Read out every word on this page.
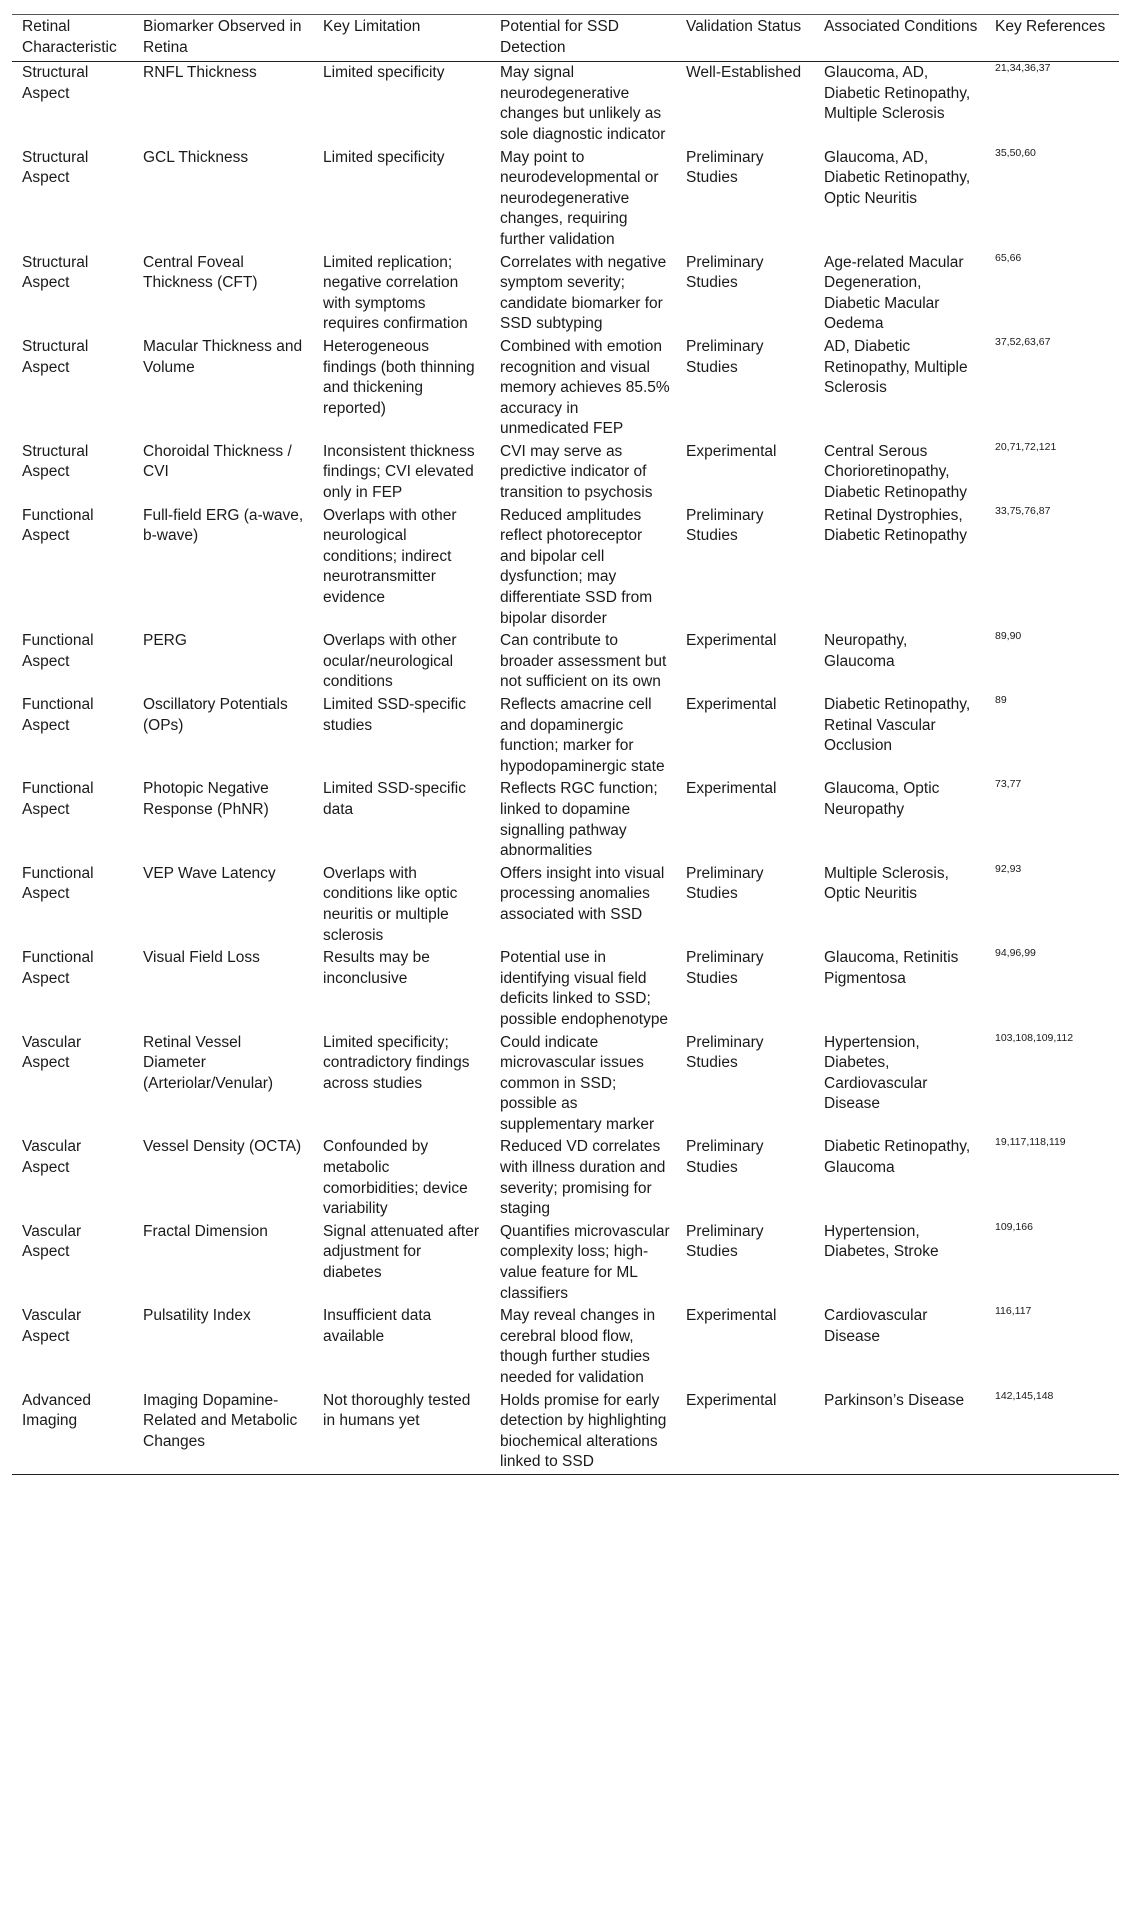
Retinal Characteristic	Biomarker Observed in Retina	Key Limitation	Potential for SSD Detection	Validation Status	Associated Conditions	Key References
Structural Aspect	RNFL Thickness	Limited specificity	May signal neurodegenerative changes but unlikely as sole diagnostic indicator	Well-Established	Glaucoma, AD, Diabetic Retinopathy, Multiple Sclerosis	$^{21,34,36,37}$
Structural Aspect	GCL Thickness	Limited specificity	May point to neurodevelopmental or neurodegenerative changes, requiring further validation	Preliminary Studies	Glaucoma, AD, Diabetic Retinopathy, Optic Neuritis	$^{35,50,60}$
Structural Aspect	Central Foveal Thickness (CFT)	Limited replication; negative correlation with symptoms requires confirmation	Correlates with negative symptom severity; candidate biomarker for SSD subtyping	Preliminary Studies	Age-related Macular Degeneration, Diabetic Macular Oedema	$^{65,66}$
Structural Aspect	Macular Thickness and Volume	Heterogeneous findings (both thinning and thickening reported)	Combined with emotion recognition and visual memory achieves 85.5% accuracy in unmedicated FEP	Preliminary Studies	AD, Diabetic Retinopathy, Multiple Sclerosis	$^{37,52,63,67}$
Structural Aspect	Choroidal Thickness / CVI	Inconsistent thickness findings; CVI elevated only in FEP	CVI may serve as predictive indicator of transition to psychosis	Experimental	Central Serous Chorioretinopathy, Diabetic Retinopathy	$^{20,71,72,121}$
Functional Aspect	Full-field ERG (a-wave, b-wave)	Overlaps with other neurological conditions; indirect neurotransmitter evidence	Reduced amplitudes reflect photoreceptor and bipolar cell dysfunction; may differentiate SSD from bipolar disorder	Preliminary Studies	Retinal Dystrophies, Diabetic Retinopathy	$^{33,75,76,87}$
Functional Aspect	PERG	Overlaps with other ocular/neurological conditions	Can contribute to broader assessment but not sufficient on its own	Experimental	Neuropathy, Glaucoma	$^{89,90}$
Functional Aspect	Oscillatory Potentials (OPs)	Limited SSD-specific studies	Reflects amacrine cell and dopaminergic function; marker for hypodopaminergic state	Experimental	Diabetic Retinopathy, Retinal Vascular Occlusion	$^{89}$
Functional Aspect	Photopic Negative Response (PhNR)	Limited SSD-specific data	Reflects RGC function; linked to dopamine signalling pathway abnormalities	Experimental	Glaucoma, Optic Neuropathy	$^{73,77}$
Functional Aspect	VEP Wave Latency	Overlaps with conditions like optic neuritis or multiple sclerosis	Offers insight into visual processing anomalies associated with SSD	Preliminary Studies	Multiple Sclerosis, Optic Neuritis	$^{92,93}$
Functional Aspect	Visual Field Loss	Results may be inconclusive	Potential use in identifying visual field deficits linked to SSD; possible endophenotype	Preliminary Studies	Glaucoma, Retinitis Pigmentosa	$^{94,96,99}$
Vascular Aspect	Retinal Vessel Diameter (Arteriolar/Venular)	Limited specificity; contradictory findings across studies	Could indicate microvascular issues common in SSD; possible as supplementary marker	Preliminary Studies	Hypertension, Diabetes, Cardiovascular Disease	$^{103,108,109,112}$
Vascular Aspect	Vessel Density (OCTA)	Confounded by metabolic comorbidities; device variability	Reduced VD correlates with illness duration and severity; promising for staging	Preliminary Studies	Diabetic Retinopathy, Glaucoma	$^{19,117,118,119}$
Vascular Aspect	Fractal Dimension	Signal attenuated after adjustment for diabetes	Quantifies microvascular complexity loss; high-value feature for ML classifiers	Preliminary Studies	Hypertension, Diabetes, Stroke	$^{109,166}$
Vascular Aspect	Pulsatility Index	Insufficient data available	May reveal changes in cerebral blood flow, though further studies needed for validation	Experimental	Cardiovascular Disease	$^{116,117}$
Advanced Imaging	Imaging Dopamine-Related and Metabolic Changes	Not thoroughly tested in humans yet	Holds promise for early detection by highlighting biochemical alterations linked to SSD	Experimental	Parkinson’s Disease	$^{142,145,148}$
